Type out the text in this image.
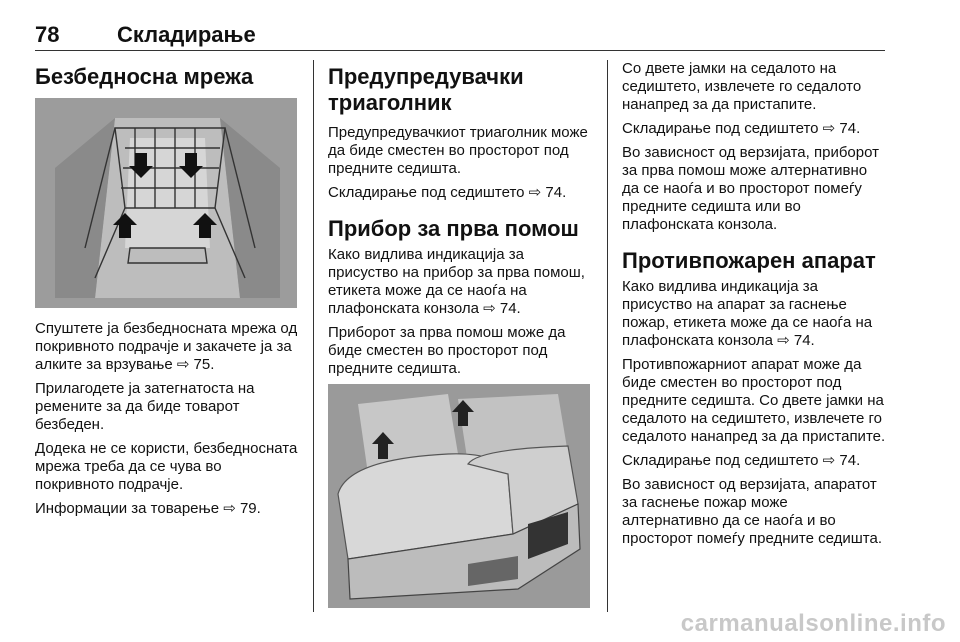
78	Складирање
Безбедносна мрежа

Спуштете ја безбедносната мрежа од покривното подрачје и закачете ја за алките за врзување ⇨ 75.

Прилагодете ја затегнатоста на ремените за да биде товарот безбеден.

Додека не се користи, безбедносната мрежа треба да се чува во покривното подрачје.

Информации за товарење ⇨ 79.

Предупредувачки триаголник

Предупредувачкиот триаголник може да биде сместен во просторот под предните седишта.

Складирање под седиштето ⇨ 74.

Прибор за прва помош

Како видлива индикација за присуство на прибор за прва помош, етикета може да се наоѓа на плафонската конзола ⇨ 74.

Приборот за прва помош може да биде сместен во просторот под предните седишта.

Со двете јамки на седалото на седиштето, извлечете го седалото нанапред за да пристапите.

Складирање под седиштето ⇨ 74.

Во зависност од верзијата, приборот за прва помош може алтернативно да се наоѓа и во просторот помеѓу предните седишта или во плафонската конзола.

Противпожарен апарат

Како видлива индикација за присуство на апарат за гаснење пожар, етикета може да се наоѓа на плафонската конзола ⇨ 74.

Противпожарниот апарат може да биде сместен во просторот под предните седишта. Со двете јамки на седалото на седиштето, извлечете го седалото нанапред за да пристапите.

Складирање под седиштето ⇨ 74.

Во зависност од верзијата, апаратот за гаснење пожар може алтернативно да се наоѓа и во просторот помеѓу предните седишта.

carmanualsonline.info
